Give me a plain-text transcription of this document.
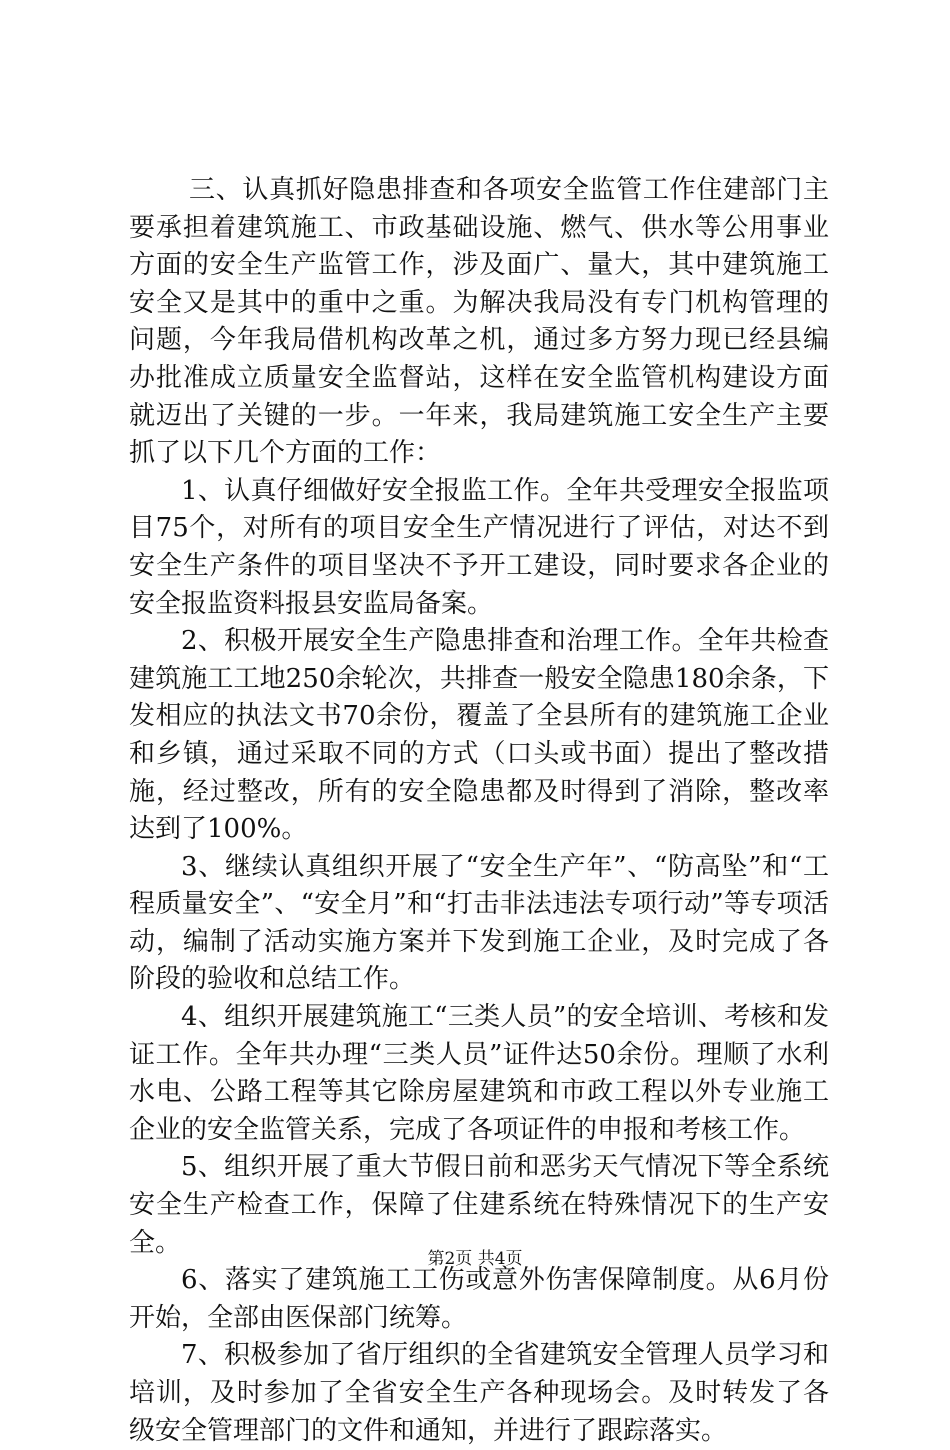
三、认真抓好隐患排查和各项安全监管工作住建部门主要承担着建筑施工、市政基础设施、燃气、供水等公用事业方面的安全生产监管工作，涉及面广、量大，其中建筑施工安全又是其中的重中之重。为解决我局没有专门机构管理的问题，今年我局借机构改革之机，通过多方努力现已经县编办批准成立质量安全监督站，这样在安全监管机构建设方面就迈出了关键的一步。一年来，我局建筑施工安全生产主要抓了以下几个方面的工作：

1、认真仔细做好安全报监工作。全年共受理安全报监项目75个，对所有的项目安全生产情况进行了评估，对达不到安全生产条件的项目坚决不予开工建设，同时要求各企业的安全报监资料报县安监局备案。

2、积极开展安全生产隐患排查和治理工作。全年共检查建筑施工工地250余轮次，共排查一般安全隐患180余条，下发相应的执法文书70余份，覆盖了全县所有的建筑施工企业和乡镇，通过采取不同的方式（口头或书面）提出了整改措施，经过整改，所有的安全隐患都及时得到了消除，整改率达到了100%。

3、继续认真组织开展了“安全生产年”、“防高坠”和“工程质量安全”、“安全月”和“打击非法违法专项行动”等专项活动，编制了活动实施方案并下发到施工企业，及时完成了各阶段的验收和总结工作。

4、组织开展建筑施工“三类人员”的安全培训、考核和发证工作。全年共办理“三类人员”证件达50余份。理顺了水利水电、公路工程等其它除房屋建筑和市政工程以外专业施工企业的安全监管关系，完成了各项证件的申报和考核工作。

5、组织开展了重大节假日前和恶劣天气情况下等全系统安全生产检查工作，保障了住建系统在特殊情况下的生产安全。

6、落实了建筑施工工伤或意外伤害保障制度。从6月份开始，全部由医保部门统筹。

7、积极参加了省厅组织的全省建筑安全管理人员学习和培训，及时参加了全省安全生产各种现场会。及时转发了各级安全管理部门的文件和通知，并进行了跟踪落实。

第2页 共4页
